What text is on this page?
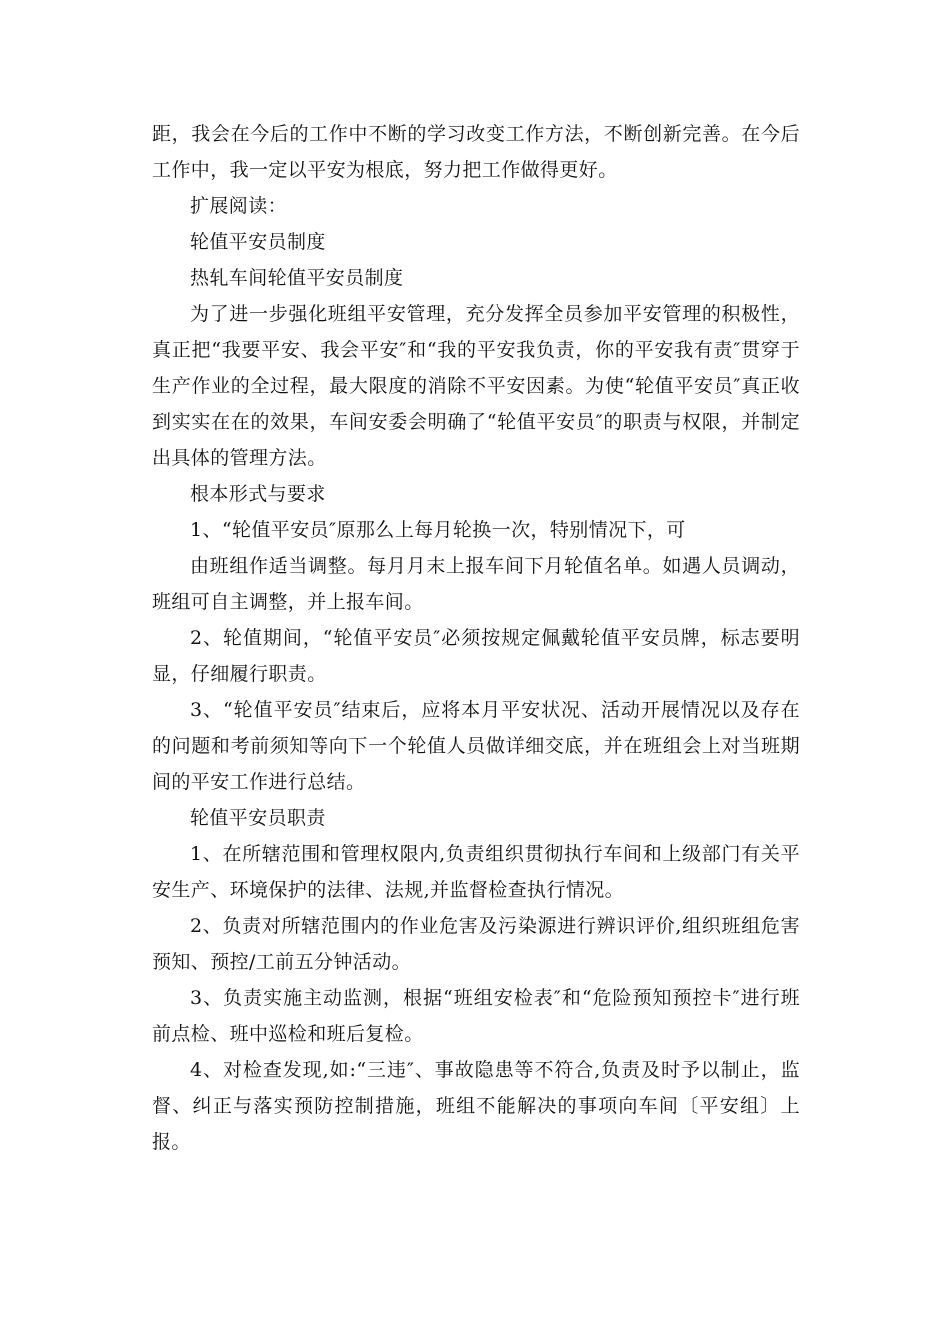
距，我会在今后的工作中不断的学习改变工作方法，不断创新完善。在今后工作中，我一定以平安为根底，努力把工作做得更好。

扩展阅读：

轮值平安员制度

热轧车间轮值平安员制度

为了进一步强化班组平安管理，充分发挥全员参加平安管理的积极性，真正把“我要平安、我会平安″和“我的平安我负责，你的平安我有责″贯穿于生产作业的全过程，最大限度的消除不平安因素。为使“轮值平安员″真正收到实实在在的效果，车间安委会明确了“轮值平安员″的职责与权限，并制定出具体的管理方法。

根本形式与要求

1、“轮值平安员″原那么上每月轮换一次，特别情况下，可

由班组作适当调整。每月月末上报车间下月轮值名单。如遇人员调动，班组可自主调整，并上报车间。

2、轮值期间，“轮值平安员″必须按规定佩戴轮值平安员牌，标志要明显，仔细履行职责。

3、“轮值平安员″结束后，应将本月平安状况、活动开展情况以及存在的问题和考前须知等向下一个轮值人员做详细交底，并在班组会上对当班期间的平安工作进行总结。

轮值平安员职责

1、在所辖范围和管理权限内,负责组织贯彻执行车间和上级部门有关平安生产、环境保护的法律、法规,并监督检查执行情况。

2、负责对所辖范围内的作业危害及污染源进行辨识评价,组织班组危害预知、预控/工前五分钟活动。

3、负责实施主动监测，根据“班组安检表″和“危险预知预控卡″进行班前点检、班中巡检和班后复检。

4、对检查发现,如:“三违″、事故隐患等不符合,负责及时予以制止，监督、纠正与落实预防控制措施，班组不能解决的事项向车间〔平安组〕上报。
